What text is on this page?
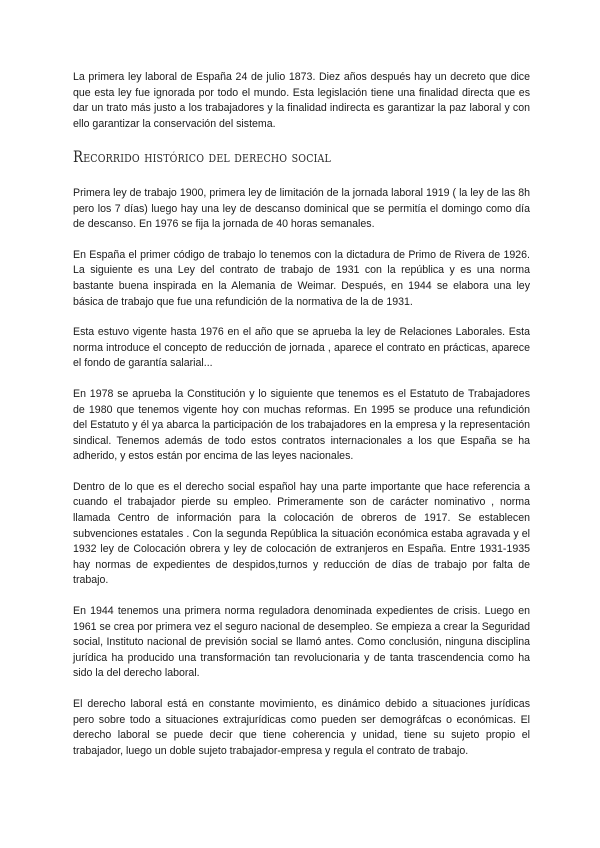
La primera ley laboral de España 24 de julio 1873. Diez años después hay un decreto que dice que esta ley fue ignorada por todo el mundo. Esta legislación tiene una finalidad directa que es dar un trato más justo a los trabajadores y la finalidad indirecta es garantizar la paz laboral y con ello garantizar la conservación del sistema.

Recorrido histórico del derecho social

Primera ley de trabajo 1900, primera ley de limitación de la jornada laboral 1919 ( la ley de las 8h pero los 7 días) luego hay una ley de descanso dominical que se permitía el domingo como día de descanso. En 1976 se fija la jornada de 40 horas semanales.

En España el primer código de trabajo lo tenemos con la dictadura de Primo de Rivera de 1926. La siguiente es una Ley del contrato de trabajo de 1931 con la república y es una norma bastante buena inspirada en la Alemania de Weimar. Después, en 1944 se elabora una ley básica de trabajo que fue una refundición de la normativa de la de 1931.

Esta estuvo vigente hasta 1976 en el año que se aprueba la ley de Relaciones Laborales. Esta norma introduce el concepto de reducción de jornada , aparece el contrato en prácticas, aparece el fondo de garantía salarial...

En 1978 se aprueba la Constitución y lo siguiente que tenemos es el Estatuto de Trabajadores de 1980 que tenemos vigente hoy con muchas reformas. En 1995 se produce una refundición del Estatuto y él ya abarca la participación de los trabajadores en la empresa y la representación sindical. Tenemos además de todo estos contratos internacionales a los que España se ha adherido, y estos están por encima de las leyes nacionales.

Dentro de lo que es el derecho social español hay una parte importante que hace referencia a cuando el trabajador pierde su empleo. Primeramente son de carácter nominativo , norma llamada Centro de información para la colocación de obreros de 1917. Se establecen subvenciones estatales . Con la segunda República la situación económica estaba agravada y el 1932 ley de Colocación obrera y ley de colocación de extranjeros en España. Entre 1931-1935 hay normas de expedientes de despidos,turnos y reducción de días de trabajo por falta de trabajo.

En 1944 tenemos una primera norma reguladora denominada expedientes de crisis. Luego en 1961 se crea por primera vez el seguro nacional de desempleo. Se empieza a crear la Seguridad social, Instituto nacional de previsión social se llamó antes. Como conclusión, ninguna disciplina jurídica ha producido una transformación tan revolucionaria y de tanta trascendencia como ha sido la del derecho laboral.

El derecho laboral está en constante movimiento, es dinámico debido a situaciones jurídicas pero sobre todo a situaciones extrajurídicas como pueden ser demográfcas o económicas. El derecho laboral se puede decir que tiene coherencia y unidad, tiene su sujeto propio el trabajador, luego un doble sujeto trabajador-empresa y regula el contrato de trabajo.
